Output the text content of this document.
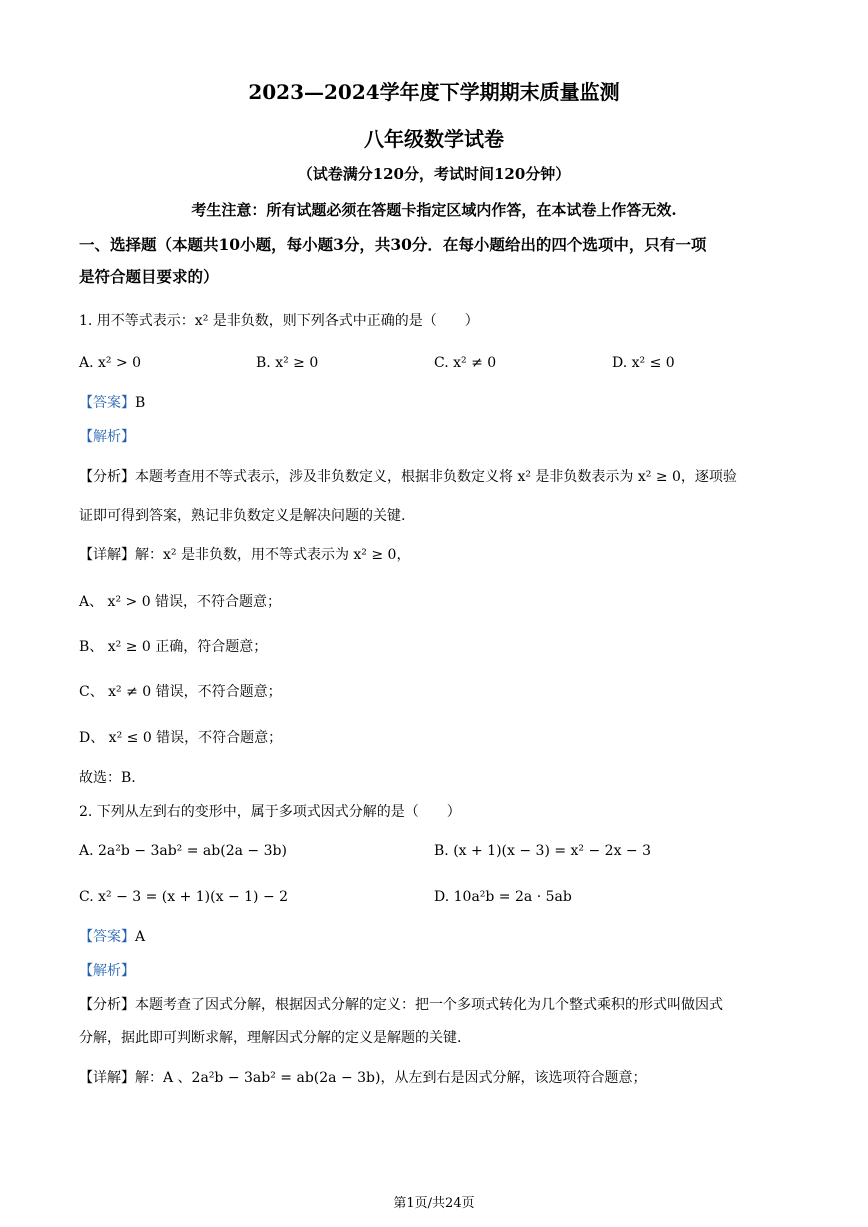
2023—2024学年度下学期期末质量监测
八年级数学试卷
（试卷满分120分，考试时间120分钟）
考生注意：所有试题必须在答题卡指定区域内作答，在本试卷上作答无效.
一、选择题（本题共10小题，每小题3分，共30分．在每小题给出的四个选项中，只有一项
是符合题目要求的）
1. 用不等式表示：x² 是非负数，则下列各式中正确的是（　　）
A. x² > 0	B. x² ≥ 0	C. x² ≠ 0	D. x² ≤ 0
【答案】B
【解析】
【分析】本题考查用不等式表示，涉及非负数定义，根据非负数定义将 x² 是非负数表示为 x² ≥ 0，逐项验
证即可得到答案，熟记非负数定义是解决问题的关键.
【详解】解：x² 是非负数，用不等式表示为 x² ≥ 0，
A、 x² > 0 错误，不符合题意；
B、 x² ≥ 0 正确，符合题意；
C、 x² ≠ 0 错误，不符合题意；
D、 x² ≤ 0 错误，不符合题意；
故选：B.
2. 下列从左到右的变形中，属于多项式因式分解的是（　　）
A. 2a²b − 3ab² = ab(2a − 3b)	B. (x + 1)(x − 3) = x² − 2x − 3
C. x² − 3 = (x + 1)(x − 1) − 2	D. 10a²b = 2a · 5ab
【答案】A
【解析】
【分析】本题考查了因式分解，根据因式分解的定义：把一个多项式转化为几个整式乘积的形式叫做因式
分解，据此即可判断求解，理解因式分解的定义是解题的关键.
【详解】解：A 、2a²b − 3ab² = ab(2a − 3b)，从左到右是因式分解，该选项符合题意；
第1页/共24页
